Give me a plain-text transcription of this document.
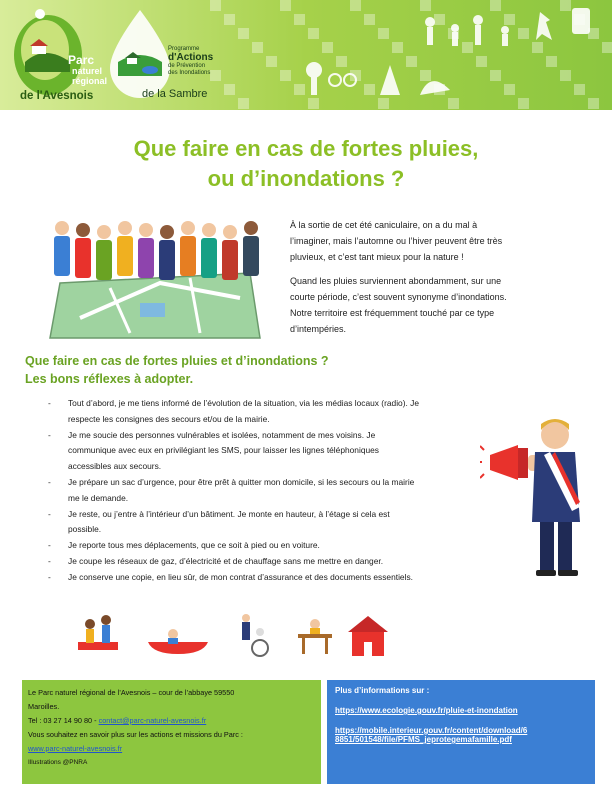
Parc
naturel
régional
de l'Avesnois
Programme
d'Actions
de Prévention
des Inondations
de la Sambre
Que faire en cas de fortes pluies,
ou d’inondations ?

À la sortie de cet été caniculaire, on a du mal à l’imaginer, mais l’automne ou l’hiver peuvent être très pluvieux, et c’est tant mieux pour la nature !

Quand les pluies surviennent abondamment, sur une courte période, c’est souvent synonyme d’inondations. Notre territoire est fréquemment touché par ce type d’intempéries.

Que faire en cas de fortes pluies et d’inondations ?
Les bons réflexes à adopter.
- Tout d’abord, je me tiens informé de l’évolution de la situation, via les médias locaux (radio). Je respecte les consignes des secours et/ou de la mairie.
- Je me soucie des personnes vulnérables et isolées, notamment de mes voisins. Je communique avec eux en privilégiant les SMS, pour laisser les lignes téléphoniques accessibles aux secours.
- Je prépare un sac d’urgence, pour être prêt à quitter mon domicile, si les secours ou la mairie me le demande.
- Je reste, ou j’entre à l’intérieur d’un bâtiment. Je monte en hauteur, à l’étage si cela est possible.
- Je reporte tous mes déplacements, que ce soit à pied ou en voiture.
- Je coupe les réseaux de gaz, d’électricité et de chauffage sans me mettre en danger.
- Je conserve une copie, en lieu sûr, de mon contrat d’assurance et des documents essentiels.
Le Parc naturel régional de l’Avesnois – cour de l’abbaye 59550
Maroilles.
Tel : 03 27 14 90 80 - contact@parc-naturel-avesnois.fr
Vous souhaitez en savoir plus sur les actions et missions du Parc :
www.parc-naturel-avesnois.fr
Illustrations @PNRA
Plus d’informations sur :
https://www.ecologie.gouv.fr/pluie-et-inondation
https://mobile.interieur.gouv.fr/content/download/6
8851/501548/file/PFMS_jeprotegemafamille.pdf
